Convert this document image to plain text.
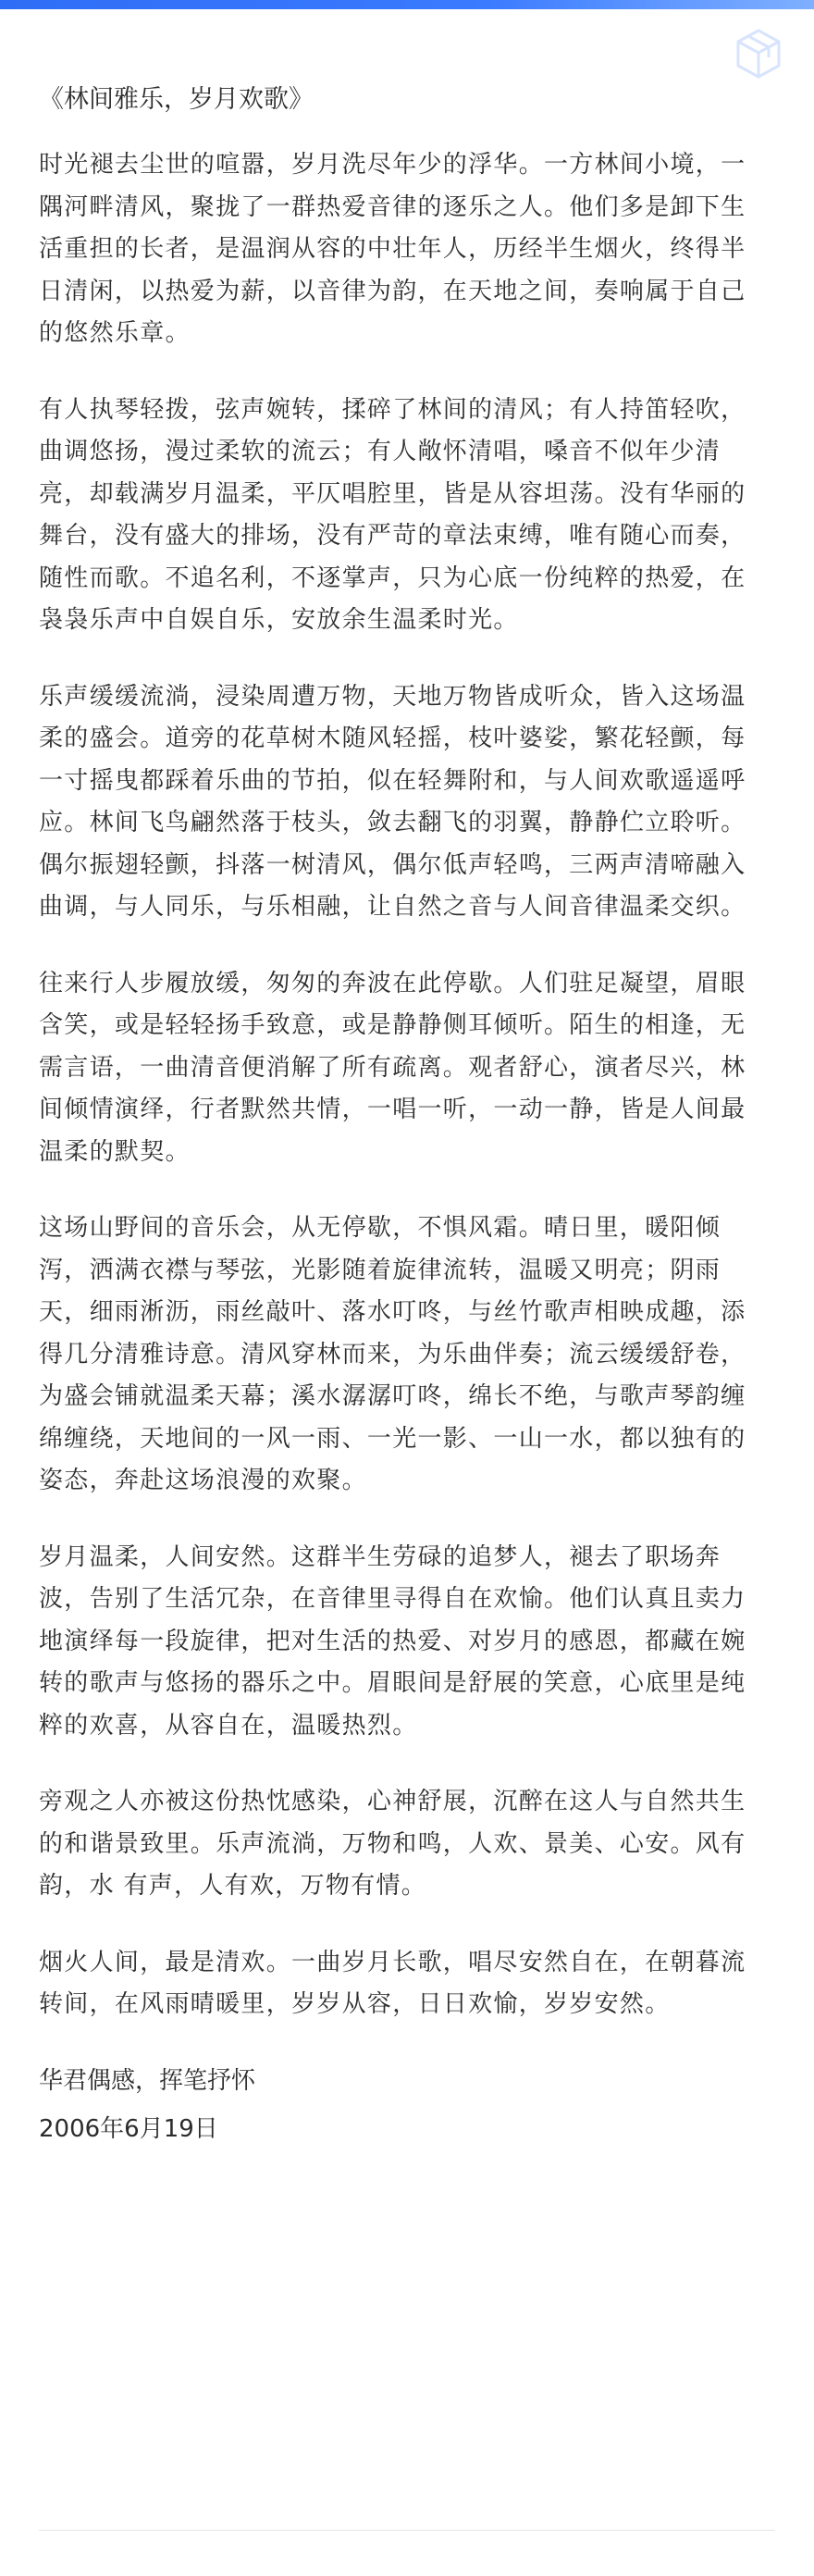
《林间雅乐，岁月欢歌》

时光褪去尘世的喧嚣，岁月洗尽年少的浮华。一方林间小境，一隅河畔清风，聚拢了一群热爱音律的逐乐之人。他们多是卸下生活重担的长者，是温润从容的中壮年人，历经半生烟火，终得半日清闲，以热爱为薪，以音律为韵，在天地之间，奏响属于自己的悠然乐章。

有人执琴轻拨，弦声婉转，揉碎了林间的清风；有人持笛轻吹，曲调悠扬，漫过柔软的流云；有人敞怀清唱，嗓音不似年少清亮，却载满岁月温柔，平仄唱腔里，皆是从容坦荡。没有华丽的舞台，没有盛大的排场，没有严苛的章法束缚，唯有随心而奏，随性而歌。不追名利，不逐掌声，只为心底一份纯粹的热爱，在袅袅乐声中自娱自乐，安放余生温柔时光。

乐声缓缓流淌，浸染周遭万物，天地万物皆成听众，皆入这场温柔的盛会。道旁的花草树木随风轻摇，枝叶婆娑，繁花轻颤，每一寸摇曳都踩着乐曲的节拍，似在轻舞附和，与人间欢歌遥遥呼应。林间飞鸟翩然落于枝头，敛去翻飞的羽翼，静静伫立聆听。偶尔振翅轻颤，抖落一树清风，偶尔低声轻鸣，三两声清啼融入曲调，与人同乐，与乐相融，让自然之音与人间音律温柔交织。

往来行人步履放缓，匆匆的奔波在此停歇。人们驻足凝望，眉眼含笑，或是轻轻扬手致意，或是静静侧耳倾听。陌生的相逢，无需言语，一曲清音便消解了所有疏离。观者舒心，演者尽兴，林间倾情演绎，行者默然共情，一唱一听，一动一静，皆是人间最温柔的默契。

这场山野间的音乐会，从无停歇，不惧风霜。晴日里，暖阳倾泻，洒满衣襟与琴弦，光影随着旋律流转，温暖又明亮；阴雨天，细雨淅沥，雨丝敲叶、落水叮咚，与丝竹歌声相映成趣，添得几分清雅诗意。清风穿林而来，为乐曲伴奏；流云缓缓舒卷，为盛会铺就温柔天幕；溪水潺潺叮咚，绵长不绝，与歌声琴韵缠绵缠绕，天地间的一风一雨、一光一影、一山一水，都以独有的姿态，奔赴这场浪漫的欢聚。

岁月温柔，人间安然。这群半生劳碌的追梦人，褪去了职场奔波，告别了生活冗杂，在音律里寻得自在欢愉。他们认真且卖力地演绎每一段旋律，把对生活的热爱、对岁月的感恩，都藏在婉转的歌声与悠扬的器乐之中。眉眼间是舒展的笑意，心底里是纯粹的欢喜，从容自在，温暖热烈。

旁观之人亦被这份热忱感染，心神舒展，沉醉在这人与自然共生的和谐景致里。乐声流淌，万物和鸣，人欢、景美、心安。风有韵，水 有声，人有欢，万物有情。

烟火人间，最是清欢。一曲岁月长歌，唱尽安然自在，在朝暮流转间，在风雨晴暖里，岁岁从容，日日欢愉，岁岁安然。

华君偶感，挥笔抒怀

2006年6月19日
